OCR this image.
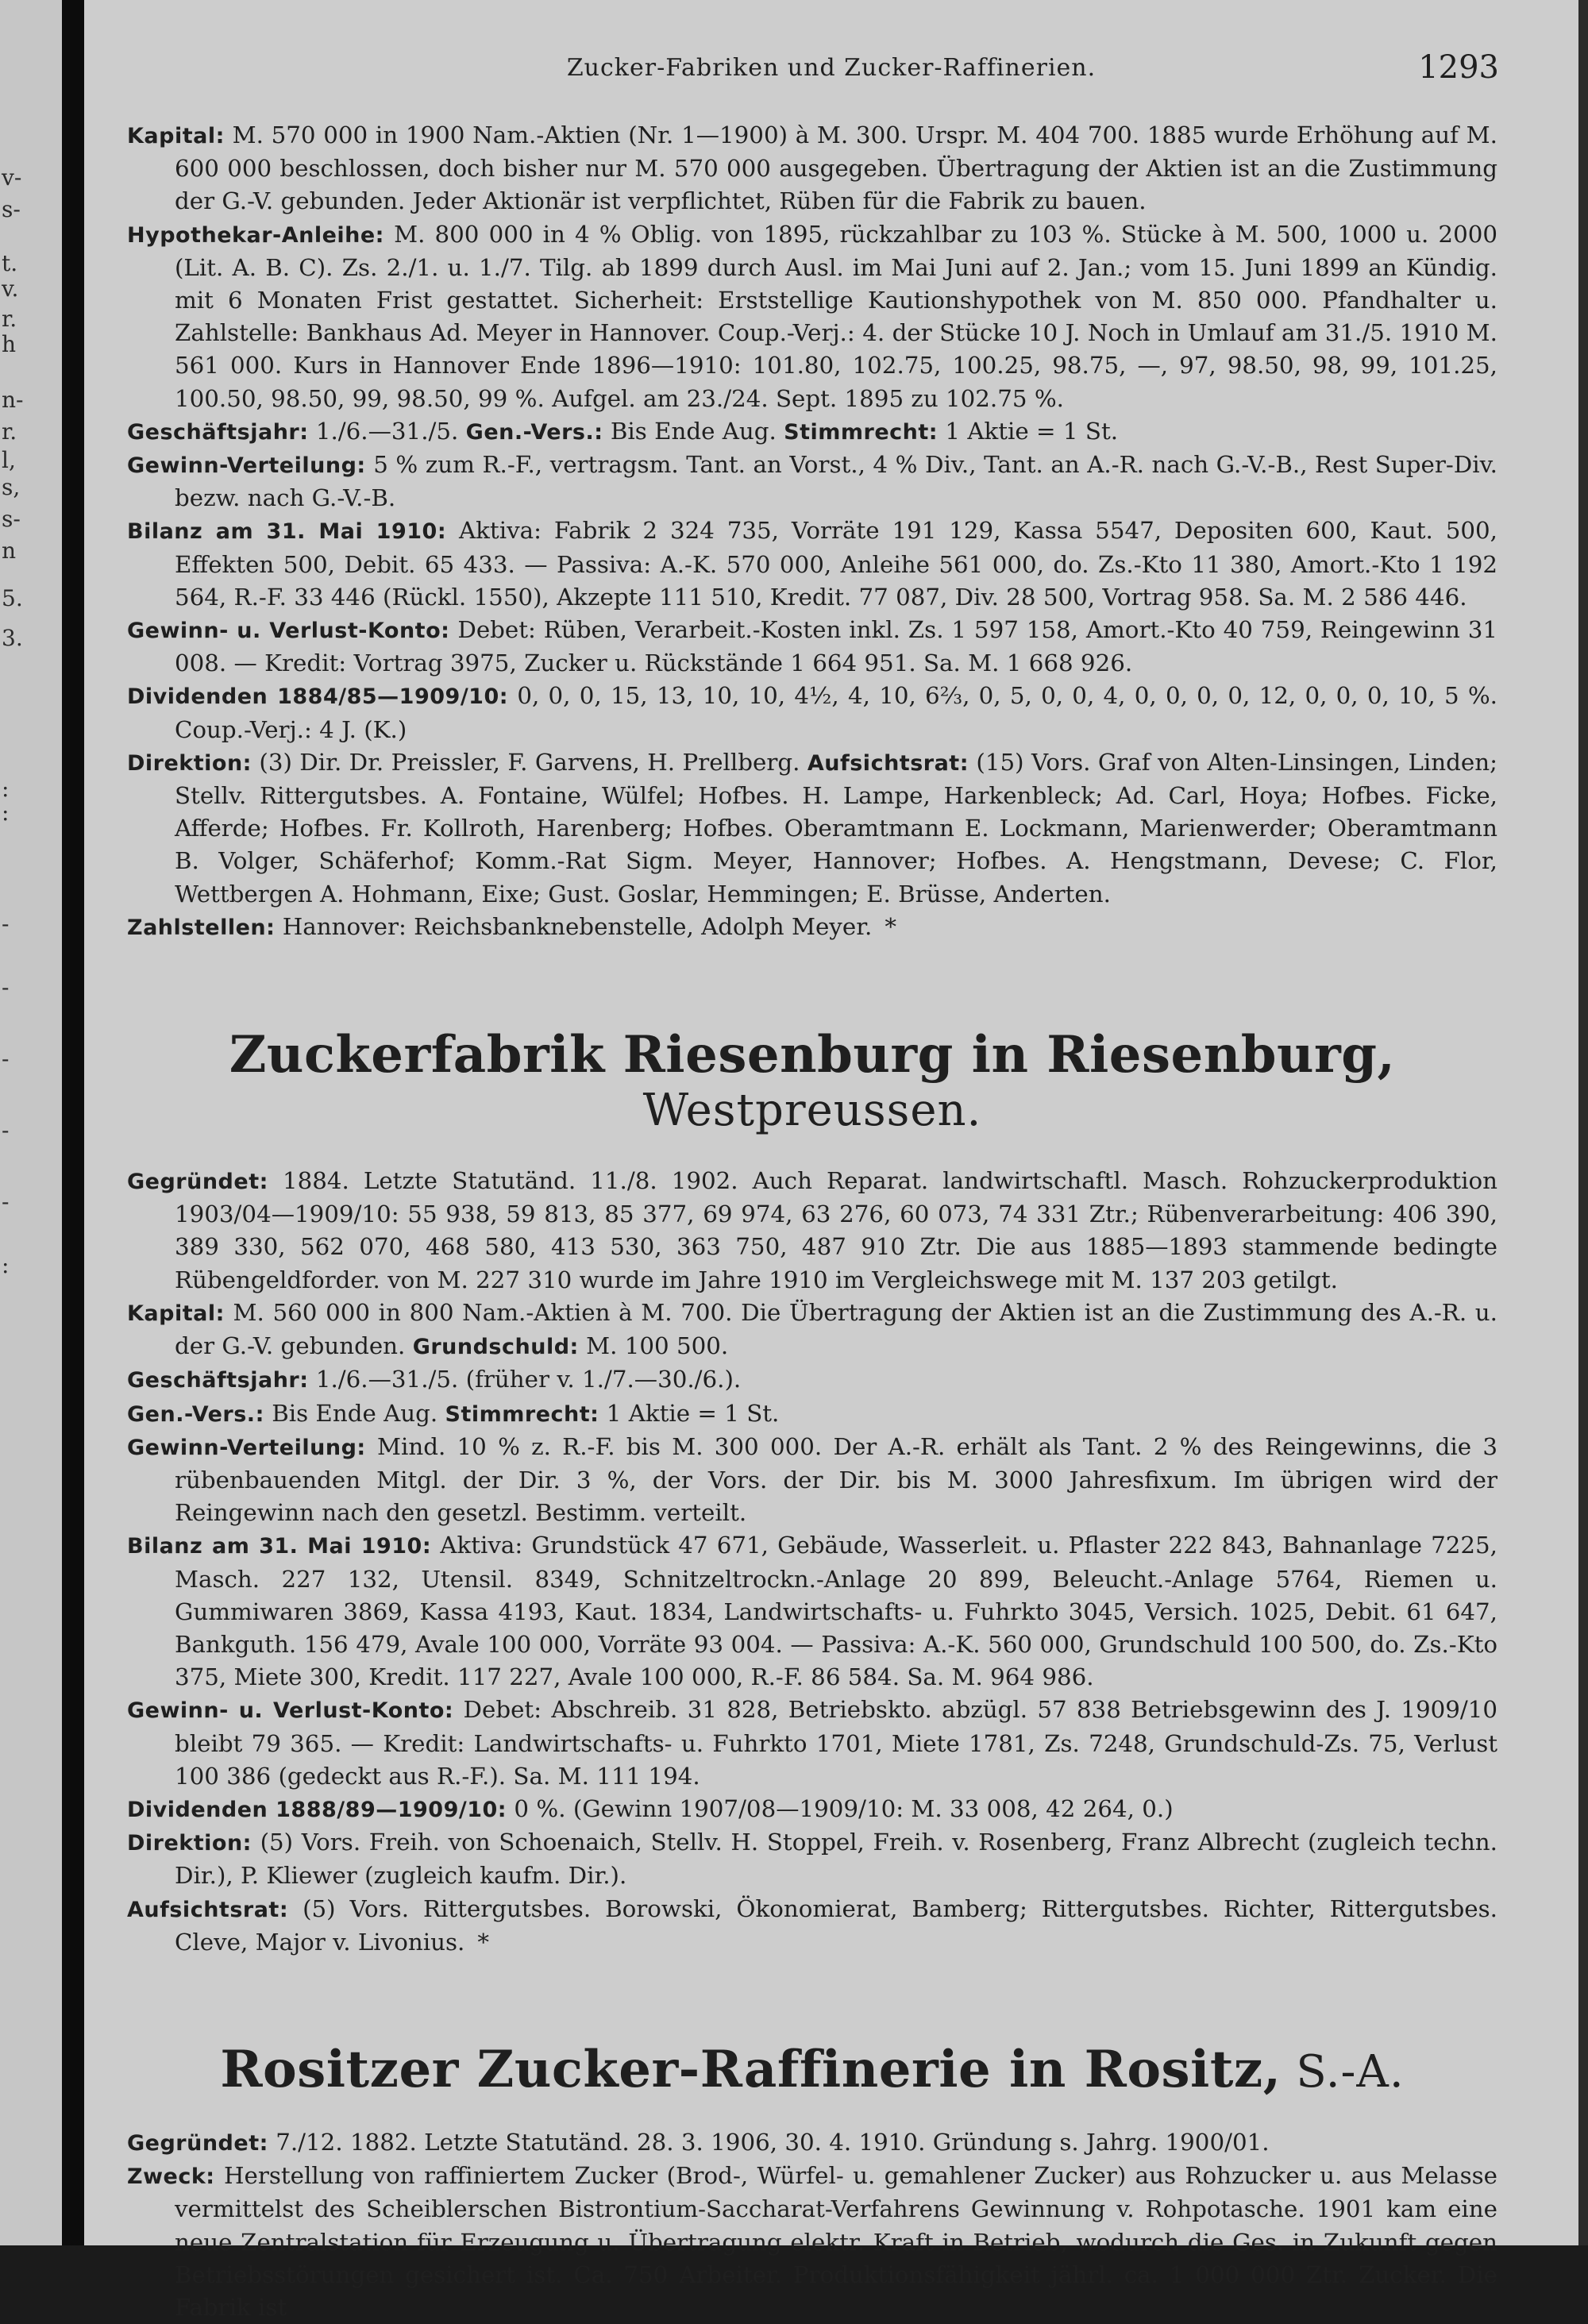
v-
s-
t.
v.
r.
h
n-
r.
l,
s,
s-
n
5.
3.
:
:
-
-
-
-
-
:
Zucker-Fabriken und Zucker-Raffinerien.	1293

Kapital: M. 570 000 in 1900 Nam.-Aktien (Nr. 1—1900) à M. 300. Urspr. M. 404 700. 1885 wurde Erhöhung auf M. 600 000 beschlossen, doch bisher nur M. 570 000 ausgegeben. Übertragung der Aktien ist an die Zustimmung der G.-V. gebunden. Jeder Aktionär ist verpflichtet, Rüben für die Fabrik zu bauen.

Hypothekar-Anleihe: M. 800 000 in 4 % Oblig. von 1895, rückzahlbar zu 103 %. Stücke à M. 500, 1000 u. 2000 (Lit. A. B. C). Zs. 2./1. u. 1./7. Tilg. ab 1899 durch Ausl. im Mai Juni auf 2. Jan.; vom 15. Juni 1899 an Kündig. mit 6 Monaten Frist gestattet. Sicherheit: Erststellige Kautionshypothek von M. 850 000. Pfandhalter u. Zahlstelle: Bankhaus Ad. Meyer in Hannover. Coup.-Verj.: 4. der Stücke 10 J. Noch in Umlauf am 31./5. 1910 M. 561 000. Kurs in Hannover Ende 1896—1910: 101.80, 102.75, 100.25, 98.75, —, 97, 98.50, 98, 99, 101.25, 100.50, 98.50, 99, 98.50, 99 %. Aufgel. am 23./24. Sept. 1895 zu 102.75 %.

Geschäftsjahr: 1./6.—31./5. Gen.-Vers.: Bis Ende Aug. Stimmrecht: 1 Aktie = 1 St.

Gewinn-Verteilung: 5 % zum R.-F., vertragsm. Tant. an Vorst., 4 % Div., Tant. an A.-R. nach G.-V.-B., Rest Super-Div. bezw. nach G.-V.-B.

Bilanz am 31. Mai 1910: Aktiva: Fabrik 2 324 735, Vorräte 191 129, Kassa 5547, Depositen 600, Kaut. 500, Effekten 500, Debit. 65 433. — Passiva: A.-K. 570 000, Anleihe 561 000, do. Zs.-Kto 11 380, Amort.-Kto 1 192 564, R.-F. 33 446 (Rückl. 1550), Akzepte 111 510, Kredit. 77 087, Div. 28 500, Vortrag 958. Sa. M. 2 586 446.

Gewinn- u. Verlust-Konto: Debet: Rüben, Verarbeit.-Kosten inkl. Zs. 1 597 158, Amort.-Kto 40 759, Reingewinn 31 008. — Kredit: Vortrag 3975, Zucker u. Rückstände 1 664 951. Sa. M. 1 668 926.

Dividenden 1884/85—1909/10: 0, 0, 0, 15, 13, 10, 10, 4½, 4, 10, 6⅔, 0, 5, 0, 0, 4, 0, 0, 0, 0, 12, 0, 0, 0, 10, 5 %. Coup.-Verj.: 4 J. (K.)

Direktion: (3) Dir. Dr. Preissler, F. Garvens, H. Prellberg. Aufsichtsrat: (15) Vors. Graf von Alten-Linsingen, Linden; Stellv. Rittergutsbes. A. Fontaine, Wülfel; Hofbes. H. Lampe, Harkenbleck; Ad. Carl, Hoya; Hofbes. Ficke, Afferde; Hofbes. Fr. Kollroth, Harenberg; Hofbes. Oberamtmann E. Lockmann, Marienwerder; Oberamtmann B. Volger, Schäferhof; Komm.-Rat Sigm. Meyer, Hannover; Hofbes. A. Hengstmann, Devese; C. Flor, Wettbergen A. Hohmann, Eixe; Gust. Goslar, Hemmingen; E. Brüsse, Anderten.

Zahlstellen: Hannover: Reichsbanknebenstelle, Adolph Meyer. *

Zuckerfabrik Riesenburg in Riesenburg, Westpreussen.

Gegründet: 1884. Letzte Statutänd. 11./8. 1902. Auch Reparat. landwirtschaftl. Masch. Rohzuckerproduktion 1903/04—1909/10: 55 938, 59 813, 85 377, 69 974, 63 276, 60 073, 74 331 Ztr.; Rübenverarbeitung: 406 390, 389 330, 562 070, 468 580, 413 530, 363 750, 487 910 Ztr. Die aus 1885—1893 stammende bedingte Rübengeldforder. von M. 227 310 wurde im Jahre 1910 im Vergleichswege mit M. 137 203 getilgt.

Kapital: M. 560 000 in 800 Nam.-Aktien à M. 700. Die Übertragung der Aktien ist an die Zustimmung des A.-R. u. der G.-V. gebunden. Grundschuld: M. 100 500.

Geschäftsjahr: 1./6.—31./5. (früher v. 1./7.—30./6.).

Gen.-Vers.: Bis Ende Aug. Stimmrecht: 1 Aktie = 1 St.

Gewinn-Verteilung: Mind. 10 % z. R.-F. bis M. 300 000. Der A.-R. erhält als Tant. 2 % des Reingewinns, die 3 rübenbauenden Mitgl. der Dir. 3 %, der Vors. der Dir. bis M. 3000 Jahresfixum. Im übrigen wird der Reingewinn nach den gesetzl. Bestimm. verteilt.

Bilanz am 31. Mai 1910: Aktiva: Grundstück 47 671, Gebäude, Wasserleit. u. Pflaster 222 843, Bahnanlage 7225, Masch. 227 132, Utensil. 8349, Schnitzeltrockn.-Anlage 20 899, Beleucht.-Anlage 5764, Riemen u. Gummiwaren 3869, Kassa 4193, Kaut. 1834, Landwirtschafts- u. Fuhrkto 3045, Versich. 1025, Debit. 61 647, Bankguth. 156 479, Avale 100 000, Vorräte 93 004. — Passiva: A.-K. 560 000, Grundschuld 100 500, do. Zs.-Kto 375, Miete 300, Kredit. 117 227, Avale 100 000, R.-F. 86 584. Sa. M. 964 986.

Gewinn- u. Verlust-Konto: Debet: Abschreib. 31 828, Betriebskto. abzügl. 57 838 Betriebsgewinn des J. 1909/10 bleibt 79 365. — Kredit: Landwirtschafts- u. Fuhrkto 1701, Miete 1781, Zs. 7248, Grundschuld-Zs. 75, Verlust 100 386 (gedeckt aus R.-F.). Sa. M. 111 194.

Dividenden 1888/89—1909/10: 0 %. (Gewinn 1907/08—1909/10: M. 33 008, 42 264, 0.)

Direktion: (5) Vors. Freih. von Schoenaich, Stellv. H. Stoppel, Freih. v. Rosenberg, Franz Albrecht (zugleich techn. Dir.), P. Kliewer (zugleich kaufm. Dir.).

Aufsichtsrat: (5) Vors. Rittergutsbes. Borowski, Ökonomierat, Bamberg; Rittergutsbes. Richter, Rittergutsbes. Cleve, Major v. Livonius. *

Rositzer Zucker-Raffinerie in Rositz, S.-A.

Gegründet: 7./12. 1882. Letzte Statutänd. 28. 3. 1906, 30. 4. 1910. Gründung s. Jahrg. 1900/01.

Zweck: Herstellung von raffiniertem Zucker (Brod-, Würfel- u. gemahlener Zucker) aus Rohzucker u. aus Melasse vermittelst des Scheiblerschen Bistrontium-Saccharat-Verfahrens Gewinnung v. Rohpotasche. 1901 kam eine neue Zentralstation für Erzeugung u. Übertragung elektr. Kraft in Betrieb, wodurch die Ges. in Zukunft gegen Betriebsstörungen gesichert ist. Ca. 750 Arbeiter. Produktionsfähigkeit jährl. ca. 1 000 000 Ztr. Zucker. Die Fabrik ist
